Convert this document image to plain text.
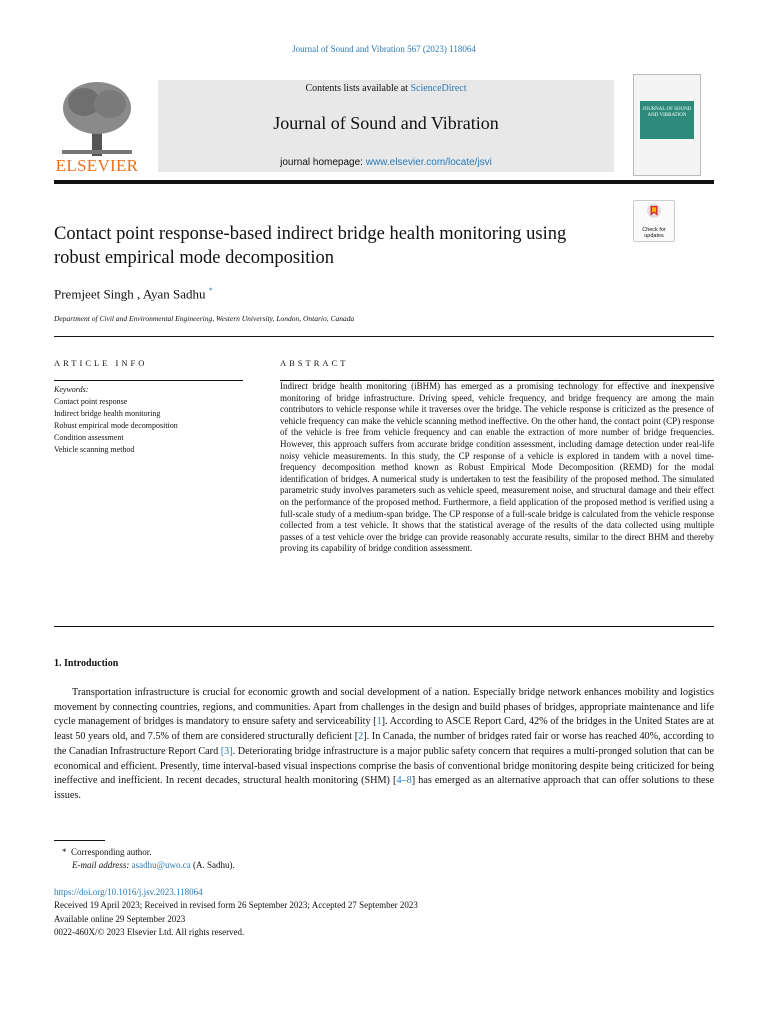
Journal of Sound and Vibration 567 (2023) 118064
ELSEVIER
Contents lists available at ScienceDirect
Journal of Sound and Vibration
journal homepage: www.elsevier.com/locate/jsvi
JOURNAL OF SOUND AND VIBRATION
Contact point response-based indirect bridge health monitoring using robust empirical mode decomposition
Check for updates
Premjeet Singh , Ayan Sadhu *
Department of Civil and Environmental Engineering, Western University, London, Ontario, Canada
ARTICLE INFO
Keywords:
Contact point response
Indirect bridge health monitoring
Robust empirical mode decomposition
Condition assessment
Vehicle scanning method
ABSTRACT
Indirect bridge health monitoring (iBHM) has emerged as a promising technology for effective and inexpensive monitoring of bridge infrastructure. Driving speed, vehicle frequency, and bridge frequency are among the main contributors to vehicle response while it traverses over the bridge. The vehicle response is criticized as the presence of vehicle frequency can make the vehicle scanning method ineffective. On the other hand, the contact point (CP) response of the vehicle is free from vehicle frequency and can enable the extraction of more number of bridge frequencies. However, this approach suffers from accurate bridge condition assessment, including damage detection under real-life noisy vehicle measurements. In this study, the CP response of a vehicle is explored in tandem with a novel time-frequency decomposition method known as Robust Empirical Mode Decomposition (REMD) for the modal identification of bridges. A numerical study is undertaken to test the feasibility of the proposed method. The simulated parametric study involves parameters such as vehicle speed, measurement noise, and structural damage and their effect on the performance of the proposed method. Furthermore, a field application of the proposed method is verified using a full-scale study of a medium-span bridge. The CP response of a full-scale bridge is calculated from the vehicle response collected from a test vehicle. It shows that the statistical average of the results of the data collected using multiple passes of a test vehicle over the bridge can provide reasonably accurate results, similar to the direct BHM and thereby proving its capability of bridge condition assessment.
1. Introduction
Transportation infrastructure is crucial for economic growth and social development of a nation. Especially bridge network enhances mobility and logistics movement by connecting countries, regions, and communities. Apart from challenges in the design and build phases of bridges, appropriate maintenance and life cycle management of bridges is mandatory to ensure safety and serviceability [1]. According to ASCE Report Card, 42% of the bridges in the United States are at least 50 years old, and 7.5% of them are considered structurally deficient [2]. In Canada, the number of bridges rated fair or worse has reached 40%, according to the Canadian Infrastructure Report Card [3]. Deteriorating bridge infrastructure is a major public safety concern that requires a multi-pronged solution that can be economical and efficient. Presently, time interval-based visual inspections comprise the basis of conventional bridge monitoring despite being criticized for being ineffective and inefficient. In recent decades, structural health monitoring (SHM) [4–8] has emerged as an alternative approach that can offer solutions to these issues.
* Corresponding author.
E-mail address: asadhu@uwo.ca (A. Sadhu).
https://doi.org/10.1016/j.jsv.2023.118064
Received 19 April 2023; Received in revised form 26 September 2023; Accepted 27 September 2023
Available online 29 September 2023
0022-460X/© 2023 Elsevier Ltd. All rights reserved.
